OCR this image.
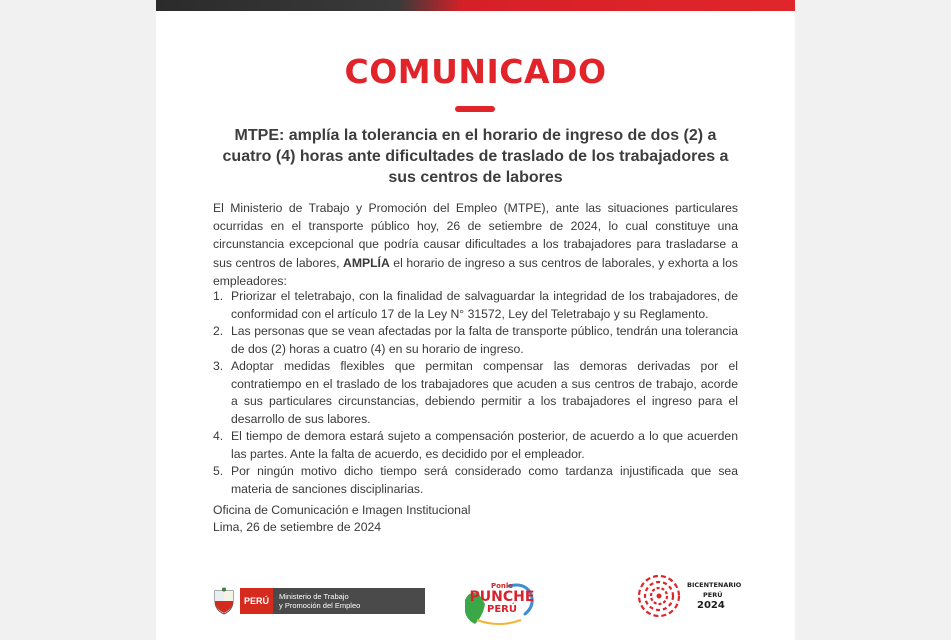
COMUNICADO
MTPE: amplía la tolerancia en el horario de ingreso de dos (2) a cuatro (4) horas ante dificultades de traslado de los trabajadores a sus centros de labores
El Ministerio de Trabajo y Promoción del Empleo (MTPE), ante las situaciones particulares ocurridas en el transporte público hoy, 26 de setiembre de 2024, lo cual constituye una circunstancia excepcional que podría causar dificultades a los trabajadores para trasladarse a sus centros de labores, AMPLÍA el horario de ingreso a sus centros de laborales, y exhorta a los empleadores:
1. Priorizar el teletrabajo, con la finalidad de salvaguardar la integridad de los trabajadores, de conformidad con el artículo 17 de la Ley N° 31572, Ley del Teletrabajo y su Reglamento.
2. Las personas que se vean afectadas por la falta de transporte público, tendrán una tolerancia de dos (2) horas a cuatro (4) en su horario de ingreso.
3. Adoptar medidas flexibles que permitan compensar las demoras derivadas por el contratiempo en el traslado de los trabajadores que acuden a sus centros de trabajo, acorde a sus particulares circunstancias, debiendo permitir a los trabajadores el ingreso para el desarrollo de sus labores.
4. El tiempo de demora estará sujeto a compensación posterior, de acuerdo a lo que acuerden las partes. Ante la falta de acuerdo, es decidido por el empleador.
5. Por ningún motivo dicho tiempo será considerado como tardanza injustificada que sea materia de sanciones disciplinarias.
Oficina de Comunicación e Imagen Institucional
Lima, 26 de setiembre de 2024
PERÚ	Ministerio de Trabajo
y Promoción del Empleo
Ponle
PUNCHE
PERÚ
BICENTENARIO
PERÚ
2024
